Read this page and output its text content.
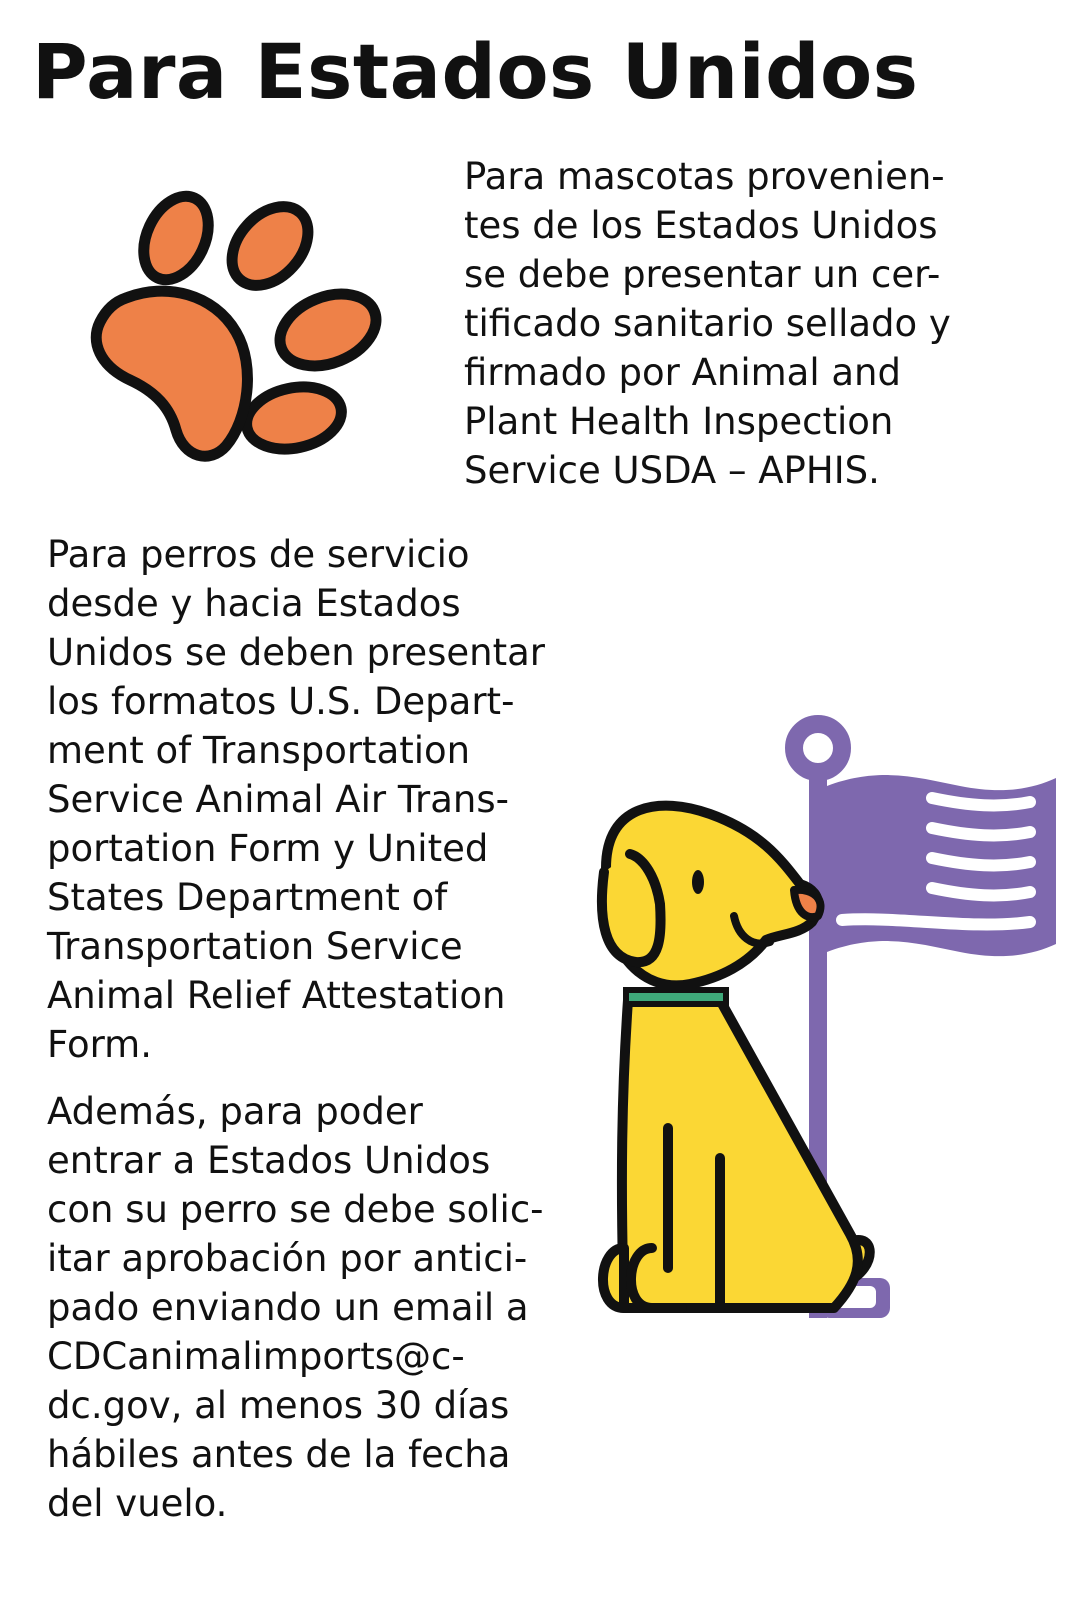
Para Estados Unidos

Para mascotas provenien-
tes de los Estados Unidos
se debe presentar un cer-
tificado sanitario sellado y
firmado por Animal and
Plant Health Inspection
Service USDA – APHIS.

Para perros de servicio
desde y hacia Estados
Unidos se deben presentar
los formatos U.S. Depart-
ment of Transportation
Service Animal Air Trans-
portation Form y United
States Department of
Transportation Service
Animal Relief Attestation
Form.

Además, para poder
entrar a Estados Unidos
con su perro se debe solic-
itar aprobación por antici-
pado enviando un email a
CDCanimalimports@c-
dc.gov, al menos 30 días
hábiles antes de la fecha
del vuelo.
